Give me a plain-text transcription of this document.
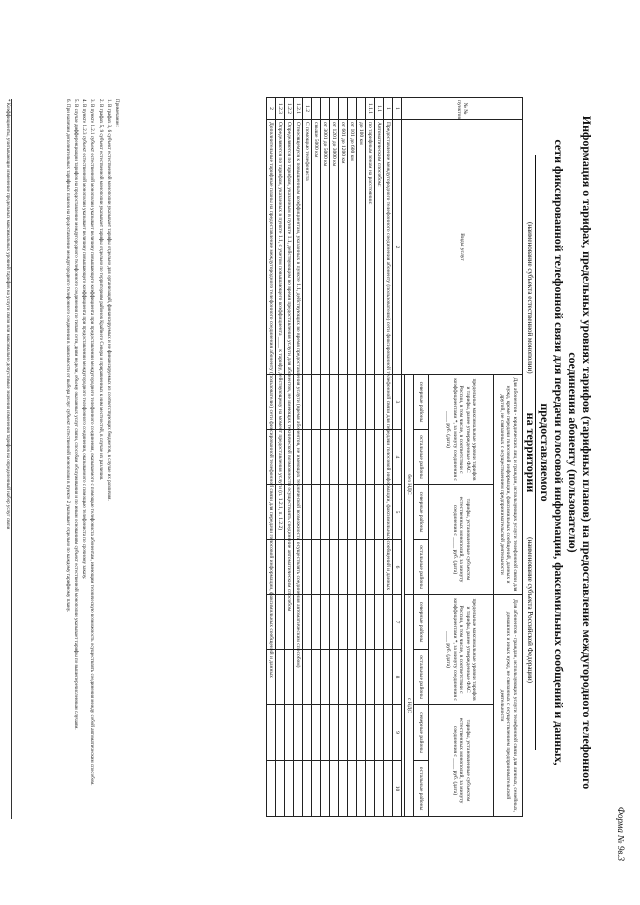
Форма № 9в.3
Информация о тарифах, предельных уровнях тарифов (тарифных планов) на предоставление междугородного телефонного соединения абоненту (пользователю)
сети фиксированной телефонной связи для передачи голосовой информации, факсимильных сообщений и данных, предоставляемого
на территории
(наименование субъекта естественной монополии)  (наименование субъекта Российской Федерации)
№ № пунктов	Виды услуг	Для абонентов - юридических лиц и граждан, использующих услуги телефонной связи для нужд, кроме передачи голосовой информации, факсимильных сообщений, данных и другой, не связанных с осуществлением предпринимательской деятельности				Для абонентов - граждан, использующих услуги телефонной связи для личных, семейных, домашних и иных нужд, не связанных с осуществлением предпринимательской деятельности			
		предельные максимальные уровни тарифов и тарифы, ранее утвержденные ФАС России, в том числе, в соответствии с коэффициентами *, за минуту соединения с ____ руб. (дата)		тарифы, установленные субъектом естественных монополий, за минуту соединения с ____ руб. (дата)		предельные максимальные уровни тарифов и тарифы, ранее утвержденные ФАС России, в том числе, в соответствии с коэффициентами *, за минуту соединения с ____ руб. (дата)		тарифы, установленные субъектом естественных монополий, за минуту соединения с ____ руб. (дата)	
		северные районы	остальные районы	северные районы	остальные районы	северные районы	остальные районы	северные районы	остальные районы
		без НДС				с НДС			

1	2	3	4	5	6	7	8	9	10
1	Предоставление междугородного телефонного соединения абоненту (пользователю) сети фиксированной телефонной связи для передачи голосовой информации, факсимильных сообщений и данных								
1.1	Автоматическим способом:								
1.1.1	по тарифным зонам на расстоянии:								
	до 100 км								
	от 101 до 600 км								
	от 601 до 1200 км								
	от 1201 до 3000 км								
	от 3001 до 5000 км								
	свыше 5000 км								
1.2	С помощью телефониста								
1.2.1	Относящемуся к повышенным коэффициентам, указанных в пункте 1.1, действующих во время предоставления услуги (время абонентов, не имеющих технической возможности осуществлять соединения автоматическим способом)								
1.2.2	Определяются по тарифам, указанным в пункте 1.1, действующим во время предоставления услуги для абонентов, не имеющих технической возможности осуществлять соединение автоматическим способом								
1.2.3	Определяются по тарифам, указанных в пункте 1.1, с учетом повышающего коэффициента ____ к тарифу, действующему на момент предоставления услуги (п. 1.2.1, п. 1.2.2)								
2	Дополнительные тарифные планы на предоставление междугородного телефонного соединения абоненту (пользователю) сети фиксированной телефонной связи для передачи голосовой информации, факсимильных сообщений и данных								
Примечание:
1. В графах 3, 6 субъект естественной монополии указывает тарифы отдельно для организаций, финансируемых и не финансируемых из соответствующих бюджетов, в случае их различия.
2. В графах 5, 9 субъект естественной монополии указывает тарифы отдельно по территориям районов Крайнего Севера и приравненных к ним местностей, в случае их различия.
3. В пункте 1.2.1 субъект естественной монополии указывает величину повышающего коэффициента при предоставлении междугороднего телефонного соединения, оказываемого с помощью телефониста абонентам, имеющим техническую возможность осуществлять соединения между собой автоматическим способом.
4. В пункте 1.2.3 субъект естественной монополии указывает величину повышающего коэффициента при предоставлении междугородного телефонного соединения, оказываемого с помощью телефониста по срочному заказу.
5. В случае дифференциации тарифов на предоставление междугородного телефонного соединения по типам сети, дням недели, объему оказанных услуг связи, способам обслуживания и по иным основаниям субъект естественной монополии указывает тарифы по вышеперечисленным случаям.
6. При наличии дополнительных тарифных планов на предоставление междугородного телефонного соединения в зависимости от выбора услуг субъект естественной монополии в пункте 2 указывает отдельно по каждому тарифному плану.
* Коэффициенты, учитывающие изменение предельных максимальных уровней тарифов на услуги связи или максимально допустимые значения изменения тарифов на определенный набор услуг связи
